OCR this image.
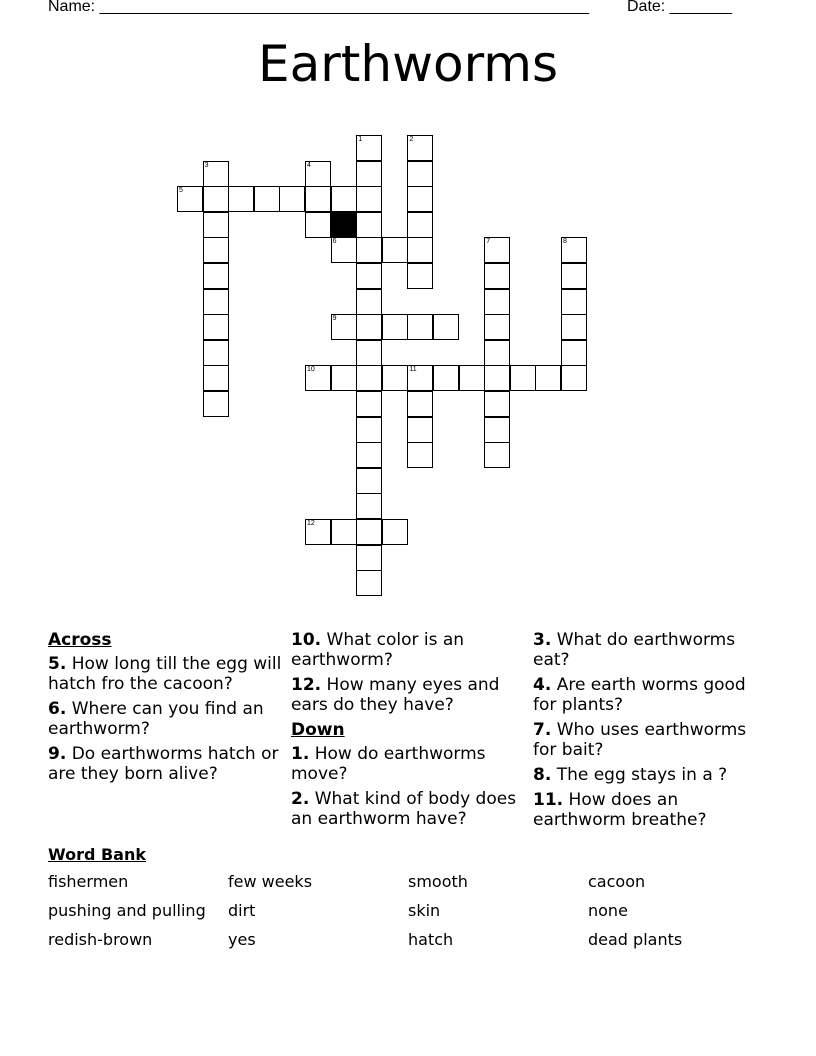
Name: _______________________________________________________ Date: _______
Earthworms
1	2
3	4
5
6	7	8
9
10	11
12
Across
5. How long till the egg will hatch fro the cacoon?
6. Where can you find an earthworm?
9. Do earthworms hatch or are they born alive?
10. What color is an earthworm?
12. How many eyes and ears do they have?
Down
1. How do earthworms move?
2. What kind of body does an earthworm have?
3. What do earthworms eat?
4. Are earth worms good for plants?
7. Who uses earthworms for bait?
8. The egg stays in a ?
11. How does an earthworm breathe?
Word Bank
fishermen	few weeks	smooth	cacoon
pushing and pulling	dirt	skin	none
redish-brown	yes	hatch	dead plants
